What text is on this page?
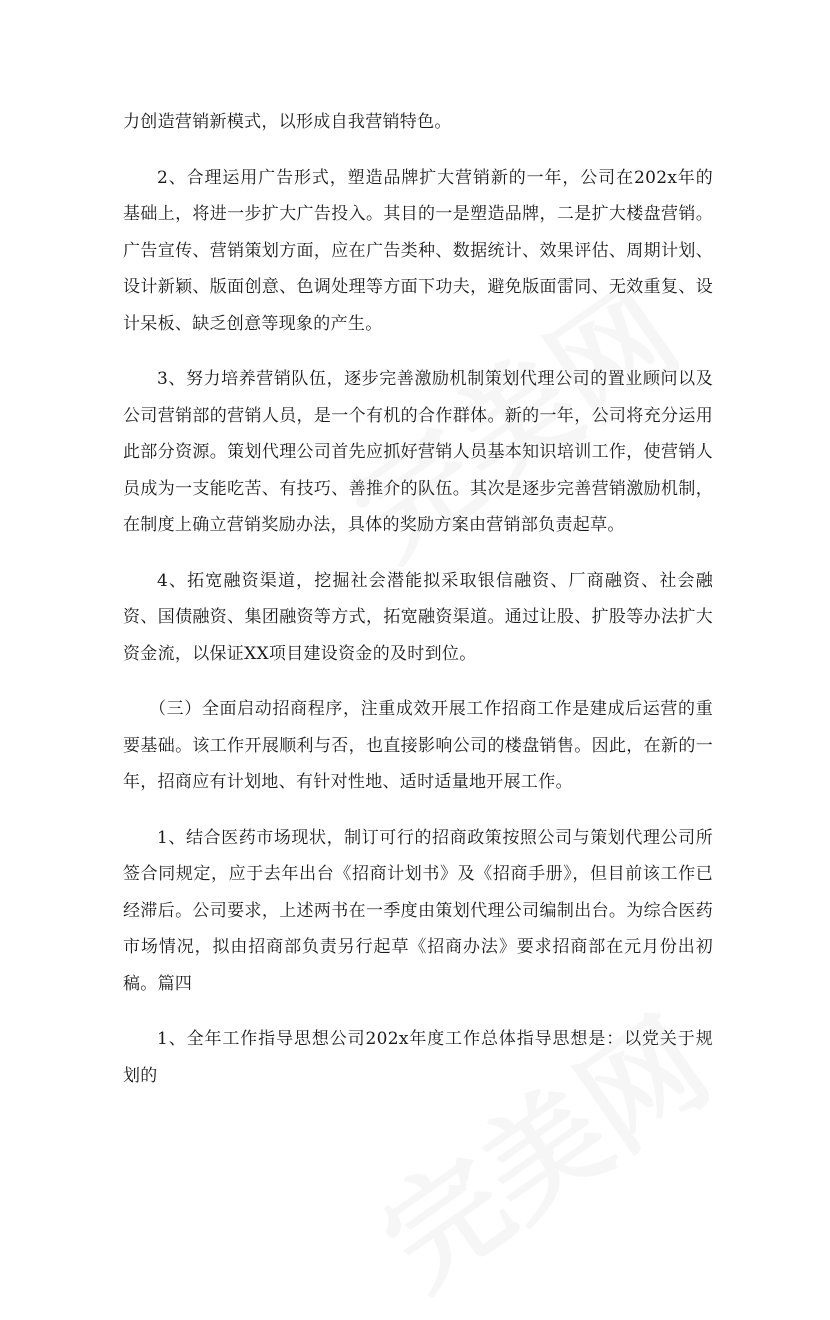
力创造营销新模式，以形成自我营销特色。

2、合理运用广告形式，塑造品牌扩大营销新的一年，公司在202x年的基础上，将进一步扩大广告投入。其目的一是塑造品牌，二是扩大楼盘营销。广告宣传、营销策划方面，应在广告类种、数据统计、效果评估、周期计划、设计新颖、版面创意、色调处理等方面下功夫，避免版面雷同、无效重复、设计呆板、缺乏创意等现象的产生。

3、努力培养营销队伍，逐步完善激励机制策划代理公司的置业顾问以及公司营销部的营销人员，是一个有机的合作群体。新的一年，公司将充分运用此部分资源。策划代理公司首先应抓好营销人员基本知识培训工作，使营销人员成为一支能吃苦、有技巧、善推介的队伍。其次是逐步完善营销激励机制，在制度上确立营销奖励办法，具体的奖励方案由营销部负责起草。

4、拓宽融资渠道，挖掘社会潜能拟采取银信融资、厂商融资、社会融资、国债融资、集团融资等方式，拓宽融资渠道。通过让股、扩股等办法扩大资金流，以保证XX项目建设资金的及时到位。

（三）全面启动招商程序，注重成效开展工作招商工作是建成后运营的重要基础。该工作开展顺利与否，也直接影响公司的楼盘销售。因此，在新的一年，招商应有计划地、有针对性地、适时适量地开展工作。

1、结合医药市场现状，制订可行的招商政策按照公司与策划代理公司所签合同规定，应于去年出台《招商计划书》及《招商手册》，但目前该工作已经滞后。公司要求，上述两书在一季度由策划代理公司编制出台。为综合医药市场情况，拟由招商部负责另行起草《招商办法》要求招商部在元月份出初稿。篇四

1、全年工作指导思想公司202x年度工作总体指导思想是：以党关于规划的
